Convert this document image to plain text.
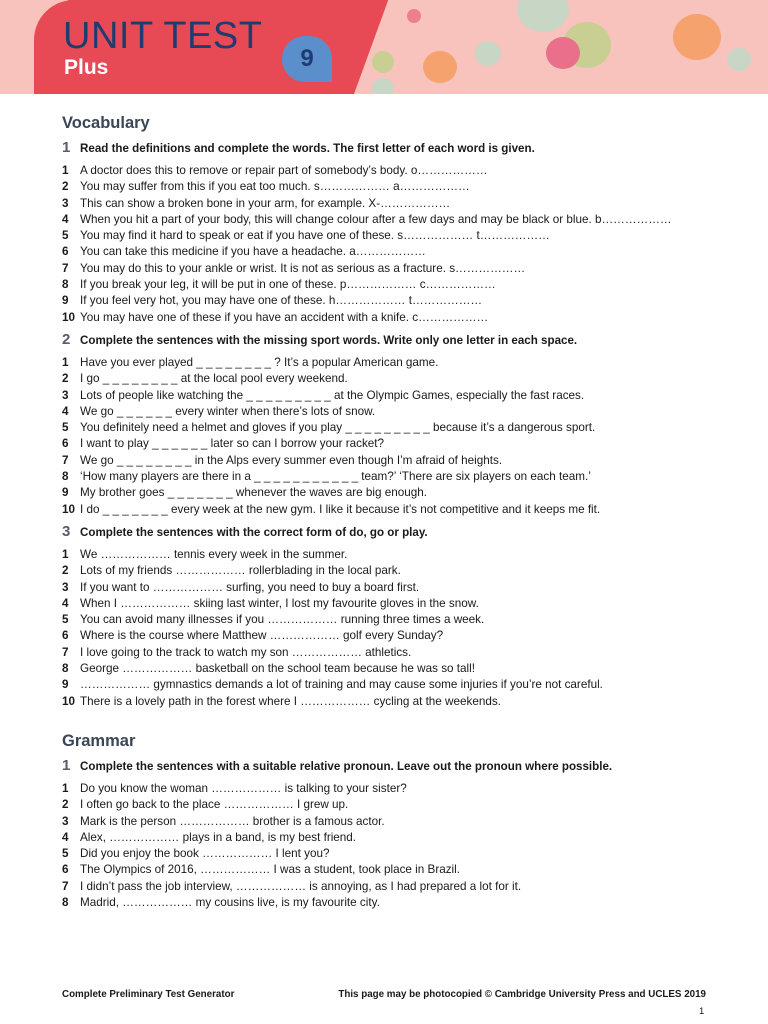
UNIT TEST
Plus	9
Vocabulary
1 Read the definitions and complete the words. The first letter of each word is given.
1 A doctor does this to remove or repair part of somebody’s body. o………………
2 You may suffer from this if you eat too much. s……………… a………………
3 This can show a broken bone in your arm, for example. X-………………
4 When you hit a part of your body, this will change colour after a few days and may be black or blue. b………………
5 You may find it hard to speak or eat if you have one of these. s……………… t………………
6 You can take this medicine if you have a headache. a………………
7 You may do this to your ankle or wrist. It is not as serious as a fracture. s………………
8 If you break your leg, it will be put in one of these. p……………… c………………
9 If you feel very hot, you may have one of these. h……………… t………………
10 You may have one of these if you have an accident with a knife. c………………
2 Complete the sentences with the missing sport words. Write only one letter in each space.
1 Have you ever played _ _ _ _ _ _ _ _ ? It’s a popular American game.
2 I go _ _ _ _ _ _ _ _ at the local pool every weekend.
3 Lots of people like watching the _ _ _ _ _ _ _ _ _ at the Olympic Games, especially the fast races.
4 We go _ _ _ _ _ _ every winter when there’s lots of snow.
5 You definitely need a helmet and gloves if you play _ _ _ _ _ _ _ _ _ because it’s a dangerous sport.
6 I want to play _ _ _ _ _ _ later so can I borrow your racket?
7 We go _ _ _ _ _ _ _ _ in the Alps every summer even though I’m afraid of heights.
8 ‘How many players are there in a _ _ _ _ _ _ _ _ _ _ _ team?’ ‘There are six players on each team.’
9 My brother goes _ _ _ _ _ _ _ whenever the waves are big enough.
10 I do _ _ _ _ _ _ _ every week at the new gym. I like it because it’s not competitive and it keeps me fit.
3 Complete the sentences with the correct form of do, go or play.
1 We ……………… tennis every week in the summer.
2 Lots of my friends ……………… rollerblading in the local park.
3 If you want to ……………… surfing, you need to buy a board first.
4 When I ……………… skiing last winter, I lost my favourite gloves in the snow.
5 You can avoid many illnesses if you ……………… running three times a week.
6 Where is the course where Matthew ……………… golf every Sunday?
7 I love going to the track to watch my son ……………… athletics.
8 George ……………… basketball on the school team because he was so tall!
9 ……………… gymnastics demands a lot of training and may cause some injuries if you’re not careful.
10 There is a lovely path in the forest where I ……………… cycling at the weekends.
Grammar
1 Complete the sentences with a suitable relative pronoun. Leave out the pronoun where possible.
1 Do you know the woman ……………… is talking to your sister?
2 I often go back to the place ……………… I grew up.
3 Mark is the person ……………… brother is a famous actor.
4 Alex, ……………… plays in a band, is my best friend.
5 Did you enjoy the book ……………… I lent you?
6 The Olympics of 2016, ……………… I was a student, took place in Brazil.
7 I didn’t pass the job interview, ……………… is annoying, as I had prepared a lot for it.
8 Madrid, ……………… my cousins live, is my favourite city.
Complete Preliminary Test Generator	This page may be photocopied © Cambridge University Press and UCLES 2019
1
